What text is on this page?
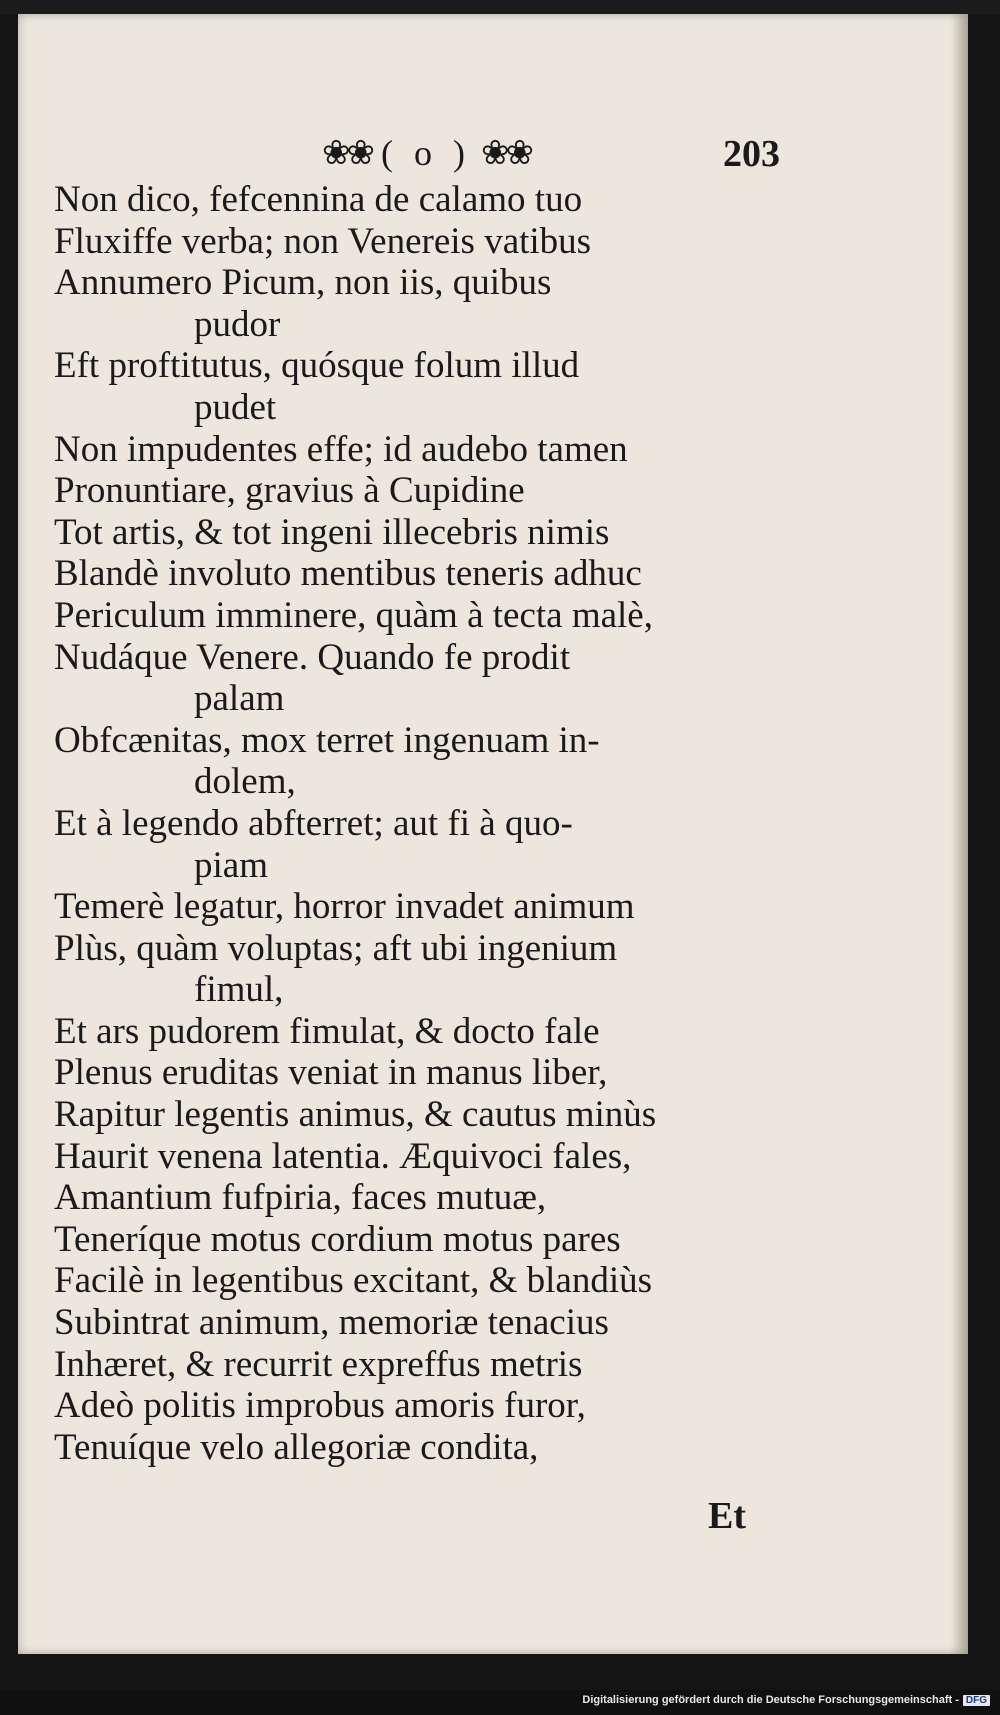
❀❀ ( o ) ❀❀	203
Non dico, fefcennina de calamo tuo
Fluxiffe verba; non Venereis vatibus
Annumero Picum, non iis, quibus
pudor
Eft proftitutus, quósque folum illud
pudet
Non impudentes effe; id audebo tamen
Pronuntiare, gravius à Cupidine
Tot artis, & tot ingeni illecebris nimis
Blandè involuto mentibus teneris adhuc
Periculum imminere, quàm à tecta malè,
Nudáque Venere. Quando fe prodit
palam
Obfcænitas, mox terret ingenuam in-
dolem,
Et à legendo abfterret; aut fi à quo-
piam
Temerè legatur, horror invadet animum
Plùs, quàm voluptas; aft ubi ingenium
fimul,
Et ars pudorem fimulat, & docto fale
Plenus eruditas veniat in manus liber,
Rapitur legentis animus, & cautus minùs
Haurit venena latentia. Æquivoci fales,
Amantium fufpiria, faces mutuæ,
Teneríque motus cordium motus pares
Facilè in legentibus excitant, & blandiùs
Subintrat animum, memoriæ tenacius
Inhæret, & recurrit expreffus metris
Adeò politis improbus amoris furor,
Tenuíque velo allegoriæ condita,
Et
Digitalisierung gefördert durch die Deutsche Forschungsgemeinschaft - DFG
